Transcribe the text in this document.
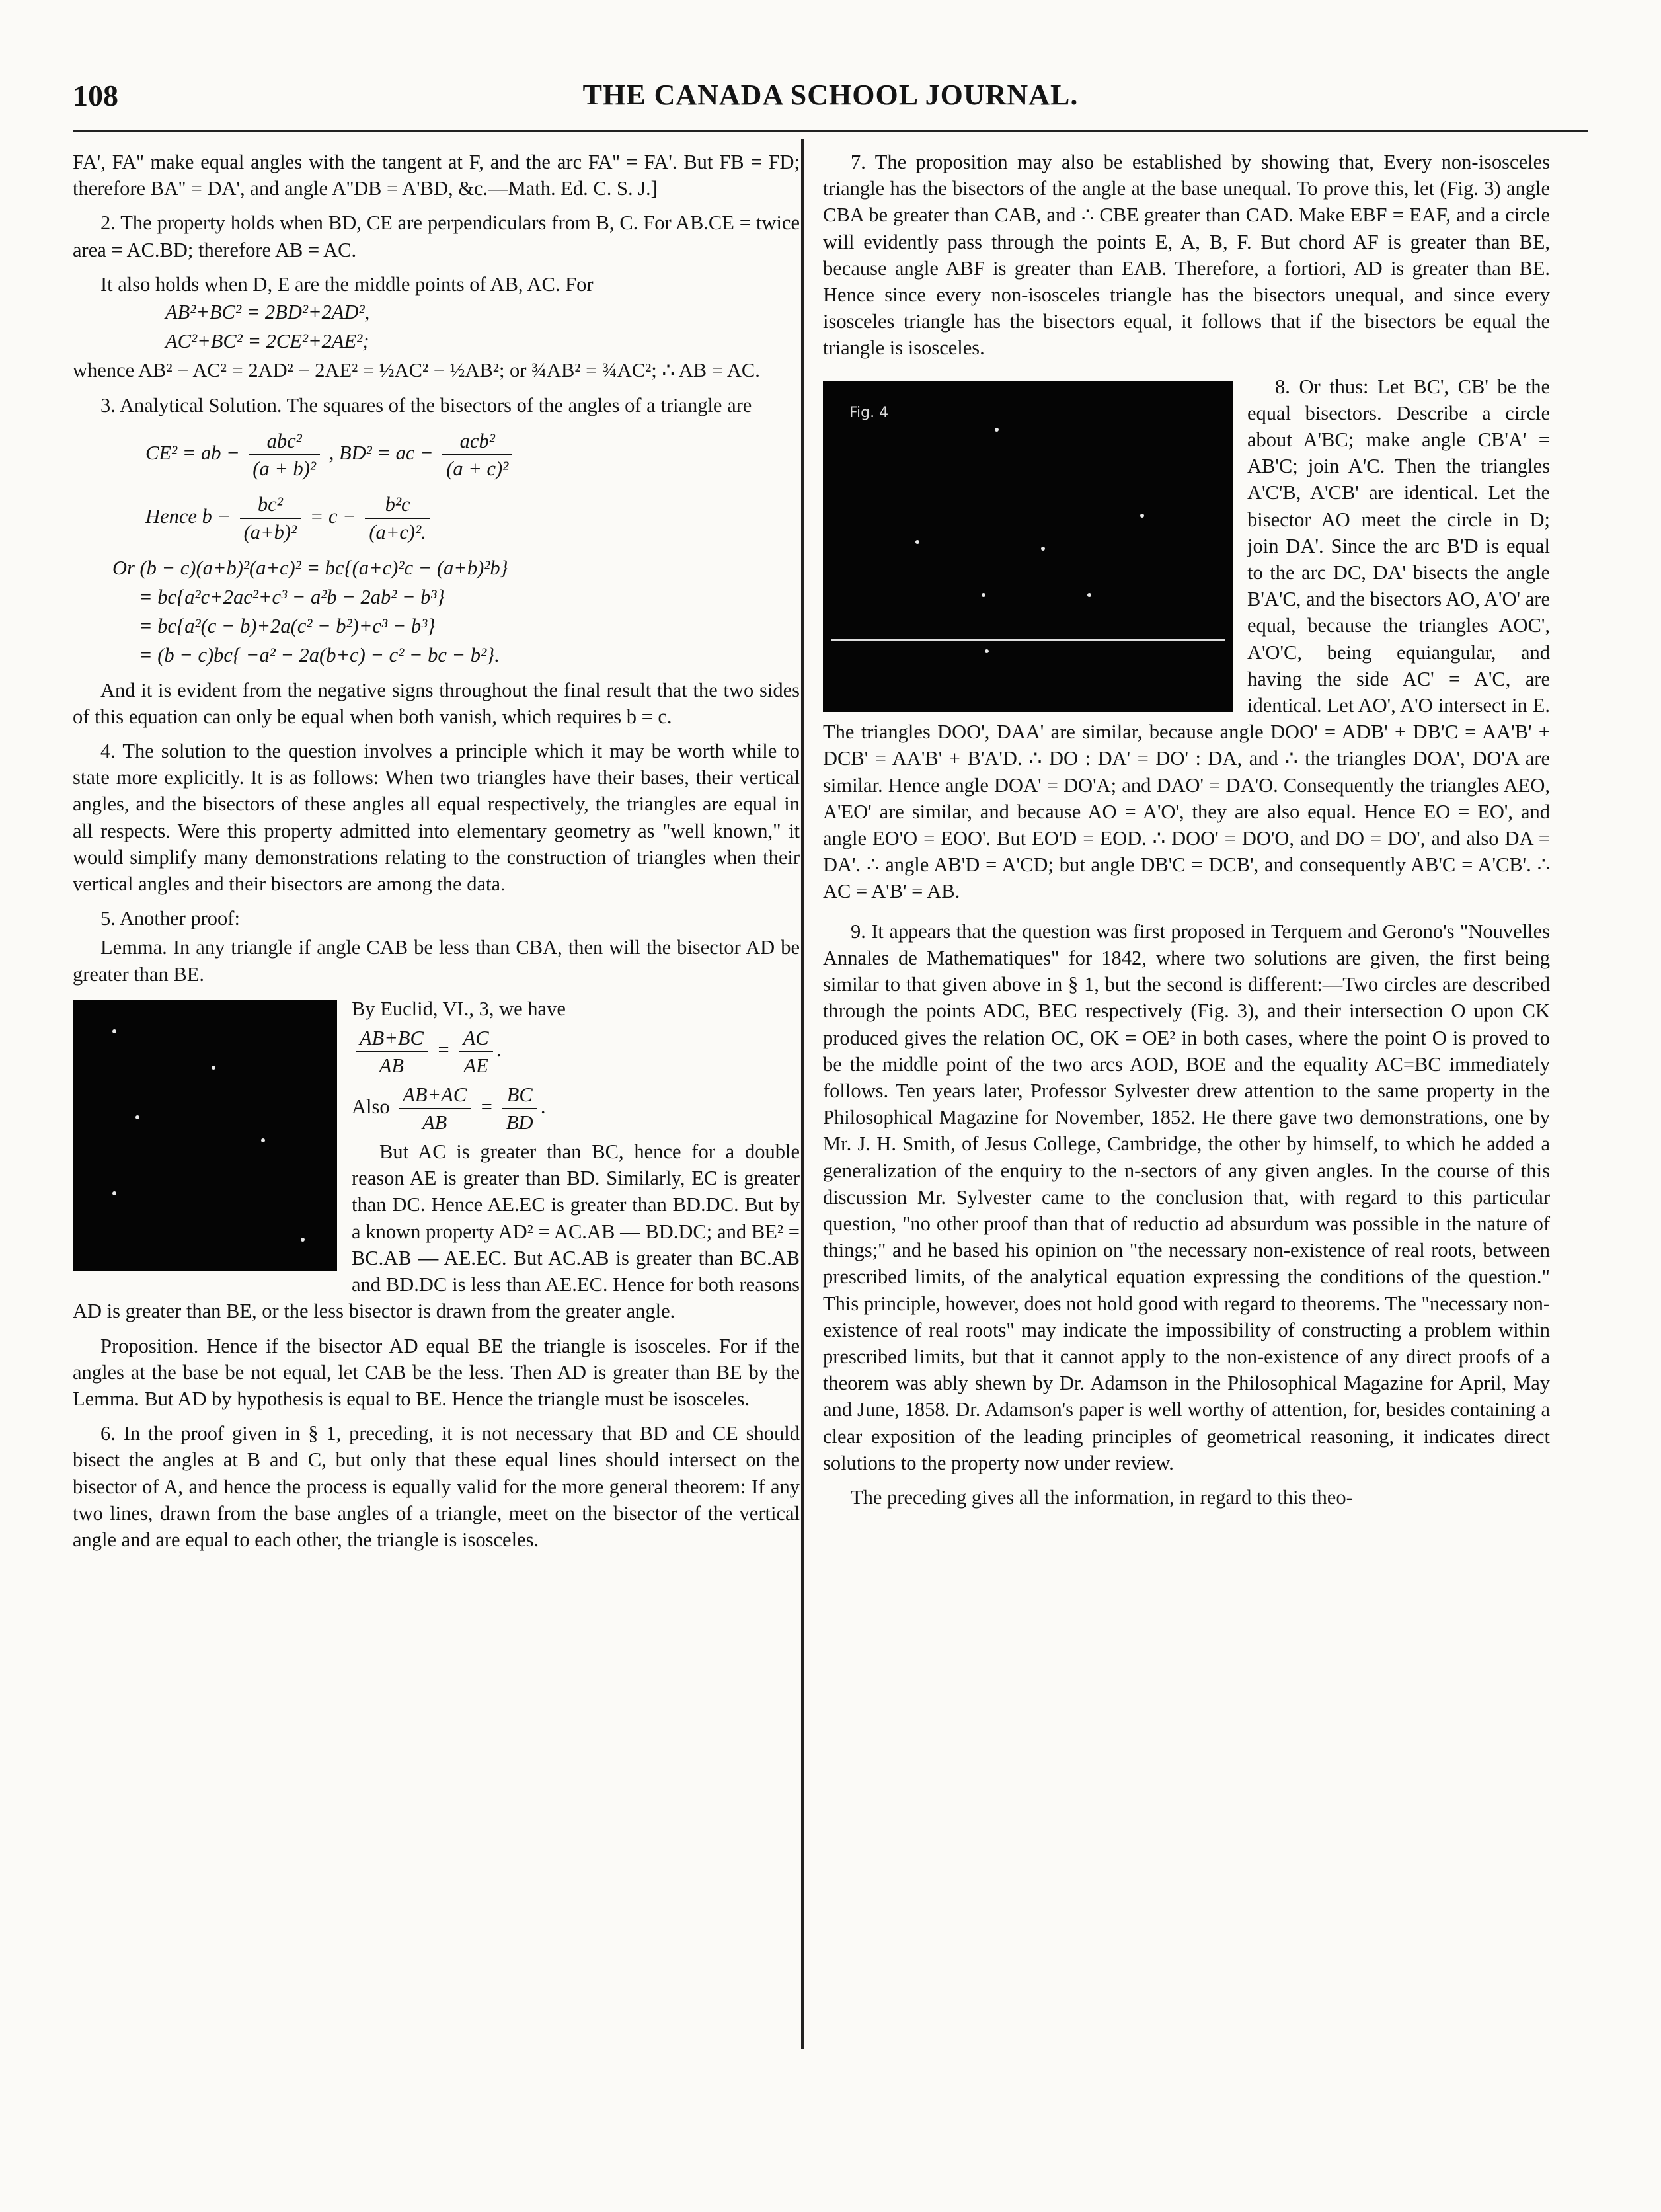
108	THE CANADA SCHOOL JOURNAL.

FA', FA'' make equal angles with the tangent at F, and the arc FA'' = FA'. But FB = FD; therefore BA'' = DA', and angle A''DB = A'BD, &c.—Math. Ed. C. S. J.]

2. The property holds when BD, CE are perpendiculars from B, C. For AB.CE = twice area = AC.BD; therefore AB = AC.

It also holds when D, E are the middle points of AB, AC. For

AB²+BC² = 2BD²+2AD²,
AC²+BC² = 2CE²+2AE²;

whence AB² − AC² = 2AD² − 2AE² = ½AC² − ½AB²; or ¾AB² = ¾AC²; ∴ AB = AC.

3. Analytical Solution. The squares of the bisectors of the angles of a triangle are

CE² = ab − $\frac{\text{abc²}}{\text{(a + b)²}}$ , BD² = ac − $\frac{\text{acb²}}{\text{(a + c)²}}$
Hence $b - \frac{\text{bc²}}{\text{(a+b)²}} = c - \frac{\text{b²c}}{\text{(a+c)².}}$
Or (b − c)(a+b)²(a+c)² = bc{(a+c)²c − (a+b)²b}
= bc{a²c+2ac²+c³ − a²b − 2ab² − b³}
= bc{a²(c − b)+2a(c² − b²)+c³ − b³}
= (b − c)bc{ −a² − 2a(b+c) − c² − bc − b²}.

And it is evident from the negative signs throughout the final result that the two sides of this equation can only be equal when both vanish, which requires b = c.

4. The solution to the question involves a principle which it may be worth while to state more explicitly. It is as follows: When two triangles have their bases, their vertical angles, and the bisectors of these angles all equal respectively, the triangles are equal in all respects. Were this property admitted into elementary geometry as "well known," it would simplify many demonstrations relating to the construction of triangles when their vertical angles and their bisectors are among the data.

5. Another proof:

Lemma. In any triangle if angle CAB be less than CBA, then will the bisector AD be greater than BE.

By Euclid, VI., 3, we have

$\frac{AB+BC}{AB} = \frac{AC}{AE}$ .
Also $\frac{AB+AC}{AB} = \frac{BC}{BD}$ .

But AC is greater than BC, hence for a double reason AE is greater than BD. Similarly, EC is greater than DC. Hence AE.EC is greater than BD.DC. But by a known property AD² = AC.AB — BD.DC; and BE² = BC.AB — AE.EC. But AC.AB is greater than BC.AB and BD.DC is less than AE.EC. Hence for both reasons AD is greater than BE, or the less bisector is drawn from the greater angle.

Proposition. Hence if the bisector AD equal BE the triangle is isosceles. For if the angles at the base be not equal, let CAB be the less. Then AD is greater than BE by the Lemma. But AD by hypothesis is equal to BE. Hence the triangle must be isosceles.

6. In the proof given in § 1, preceding, it is not necessary that BD and CE should bisect the angles at B and C, but only that these equal lines should intersect on the bisector of A, and hence the process is equally valid for the more general theorem: If any two lines, drawn from the base angles of a triangle, meet on the bisector of the vertical angle and are equal to each other, the triangle is isosceles.

7. The proposition may also be established by showing that, Every non-isosceles triangle has the bisectors of the angle at the base unequal. To prove this, let (Fig. 3) angle CBA be greater than CAB, and ∴ CBE greater than CAD. Make EBF = EAF, and a circle will evidently pass through the points E, A, B, F. But chord AF is greater than BE, because angle ABF is greater than EAB. Therefore, a fortiori, AD is greater than BE. Hence since every non-isosceles triangle has the bisectors unequal, and since every isosceles triangle has the bisectors equal, it follows that if the bisectors be equal the triangle is isosceles.

Fig. 4

8. Or thus: Let BC', CB' be the equal bisectors. Describe a circle about A'BC; make angle CB'A' = AB'C; join A'C. Then the triangles A'C'B, A'CB' are identical. Let the bisector AO meet the circle in D; join DA'. Since the arc B'D is equal to the arc DC, DA' bisects the angle B'A'C, and the bisectors AO, A'O' are equal, because the triangles AOC', A'O'C, being equiangular, and having the side AC' = A'C, are identical. Let AO', A'O intersect in E. The triangles DOO', DAA' are similar, because angle DOO' = ADB' + DB'C = AA'B' + DCB' = AA'B' + B'A'D. ∴ DO : DA' = DO' : DA, and ∴ the triangles DOA', DO'A are similar. Hence angle DOA' = DO'A; and DAO' = DA'O. Consequently the triangles AEO, A'EO' are similar, and because AO = A'O', they are also equal. Hence EO = EO', and angle EO'O = EOO'. But EO'D = EOD. ∴ DOO' = DO'O, and DO = DO', and also DA = DA'. ∴ angle AB'D = A'CD; but angle DB'C = DCB', and consequently AB'C = A'CB'. ∴ AC = A'B' = AB.

9. It appears that the question was first proposed in Terquem and Gerono's "Nouvelles Annales de Mathematiques" for 1842, where two solutions are given, the first being similar to that given above in § 1, but the second is different:—Two circles are described through the points ADC, BEC respectively (Fig. 3), and their intersection O upon CK produced gives the relation OC, OK = OE² in both cases, where the point O is proved to be the middle point of the two arcs AOD, BOE and the equality AC=BC immediately follows. Ten years later, Professor Sylvester drew attention to the same property in the Philosophical Magazine for November, 1852. He there gave two demonstrations, one by Mr. J. H. Smith, of Jesus College, Cambridge, the other by himself, to which he added a generalization of the enquiry to the n-sectors of any given angles. In the course of this discussion Mr. Sylvester came to the conclusion that, with regard to this particular question, "no other proof than that of reductio ad absurdum was possible in the nature of things;" and he based his opinion on "the necessary non-existence of real roots, between prescribed limits, of the analytical equation expressing the conditions of the question." This principle, however, does not hold good with regard to theorems. The "necessary non-existence of real roots" may indicate the impossibility of constructing a problem within prescribed limits, but that it cannot apply to the non-existence of any direct proofs of a theorem was ably shewn by Dr. Adamson in the Philosophical Magazine for April, May and June, 1858. Dr. Adamson's paper is well worthy of attention, for, besides containing a clear exposition of the leading principles of geometrical reasoning, it indicates direct solutions to the property now under review.

The preceding gives all the information, in regard to this theo-
